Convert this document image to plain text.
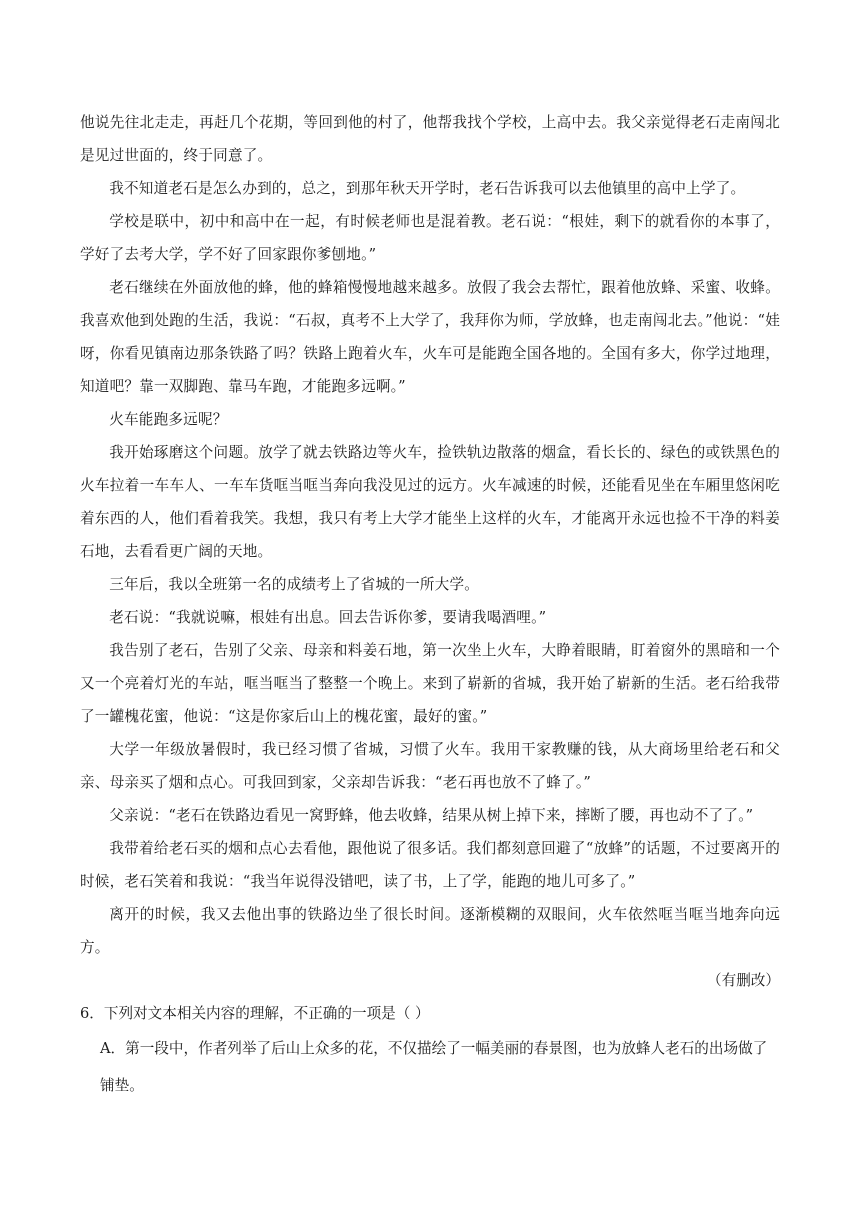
他说先往北走走，再赶几个花期，等回到他的村了，他帮我找个学校，上高中去。我父亲觉得老石走南闯北是见过世面的，终于同意了。

我不知道老石是怎么办到的，总之，到那年秋天开学时，老石告诉我可以去他镇里的高中上学了。

学校是联中，初中和高中在一起，有时候老师也是混着教。老石说：“根娃，剩下的就看你的本事了，学好了去考大学，学不好了回家跟你爹刨地。”

老石继续在外面放他的蜂，他的蜂箱慢慢地越来越多。放假了我会去帮忙，跟着他放蜂、采蜜、收蜂。我喜欢他到处跑的生活，我说：“石叔，真考不上大学了，我拜你为师，学放蜂，也走南闯北去。”他说：“娃呀，你看见镇南边那条铁路了吗？铁路上跑着火车，火车可是能跑全国各地的。全国有多大，你学过地理，知道吧？靠一双脚跑、靠马车跑，才能跑多远啊。”

火车能跑多远呢？

我开始琢磨这个问题。放学了就去铁路边等火车，捡铁轨边散落的烟盒，看长长的、绿色的或铁黑色的火车拉着一车车人、一车车货哐当哐当奔向我没见过的远方。火车减速的时候，还能看见坐在车厢里悠闲吃着东西的人，他们看着我笑。我想，我只有考上大学才能坐上这样的火车，才能离开永远也捡不干净的料姜石地，去看看更广阔的天地。

三年后，我以全班第一名的成绩考上了省城的一所大学。

老石说：“我就说嘛，根娃有出息。回去告诉你爹，要请我喝酒哩。”

我告别了老石，告别了父亲、母亲和料姜石地，第一次坐上火车，大睁着眼睛，盯着窗外的黑暗和一个又一个亮着灯光的车站，哐当哐当了整整一个晚上。来到了崭新的省城，我开始了崭新的生活。老石给我带了一罐槐花蜜，他说：“这是你家后山上的槐花蜜，最好的蜜。”

大学一年级放暑假时，我已经习惯了省城，习惯了火车。我用干家教赚的钱，从大商场里给老石和父亲、母亲买了烟和点心。可我回到家，父亲却告诉我：“老石再也放不了蜂了。”

父亲说：“老石在铁路边看见一窝野蜂，他去收蜂，结果从树上掉下来，摔断了腰，再也动不了了。”

我带着给老石买的烟和点心去看他，跟他说了很多话。我们都刻意回避了“放蜂”的话题，不过要离开的时候，老石笑着和我说：“我当年说得没错吧，读了书，上了学，能跑的地儿可多了。”

离开的时候，我又去他出事的铁路边坐了很长时间。逐渐模糊的双眼间，火车依然哐当哐当地奔向远方。

（有删改）

6．下列对文本相关内容的理解，不正确的一项是（ ）

A．第一段中，作者列举了后山上众多的花，不仅描绘了一幅美丽的春景图，也为放蜂人老石的出场做了铺垫。
